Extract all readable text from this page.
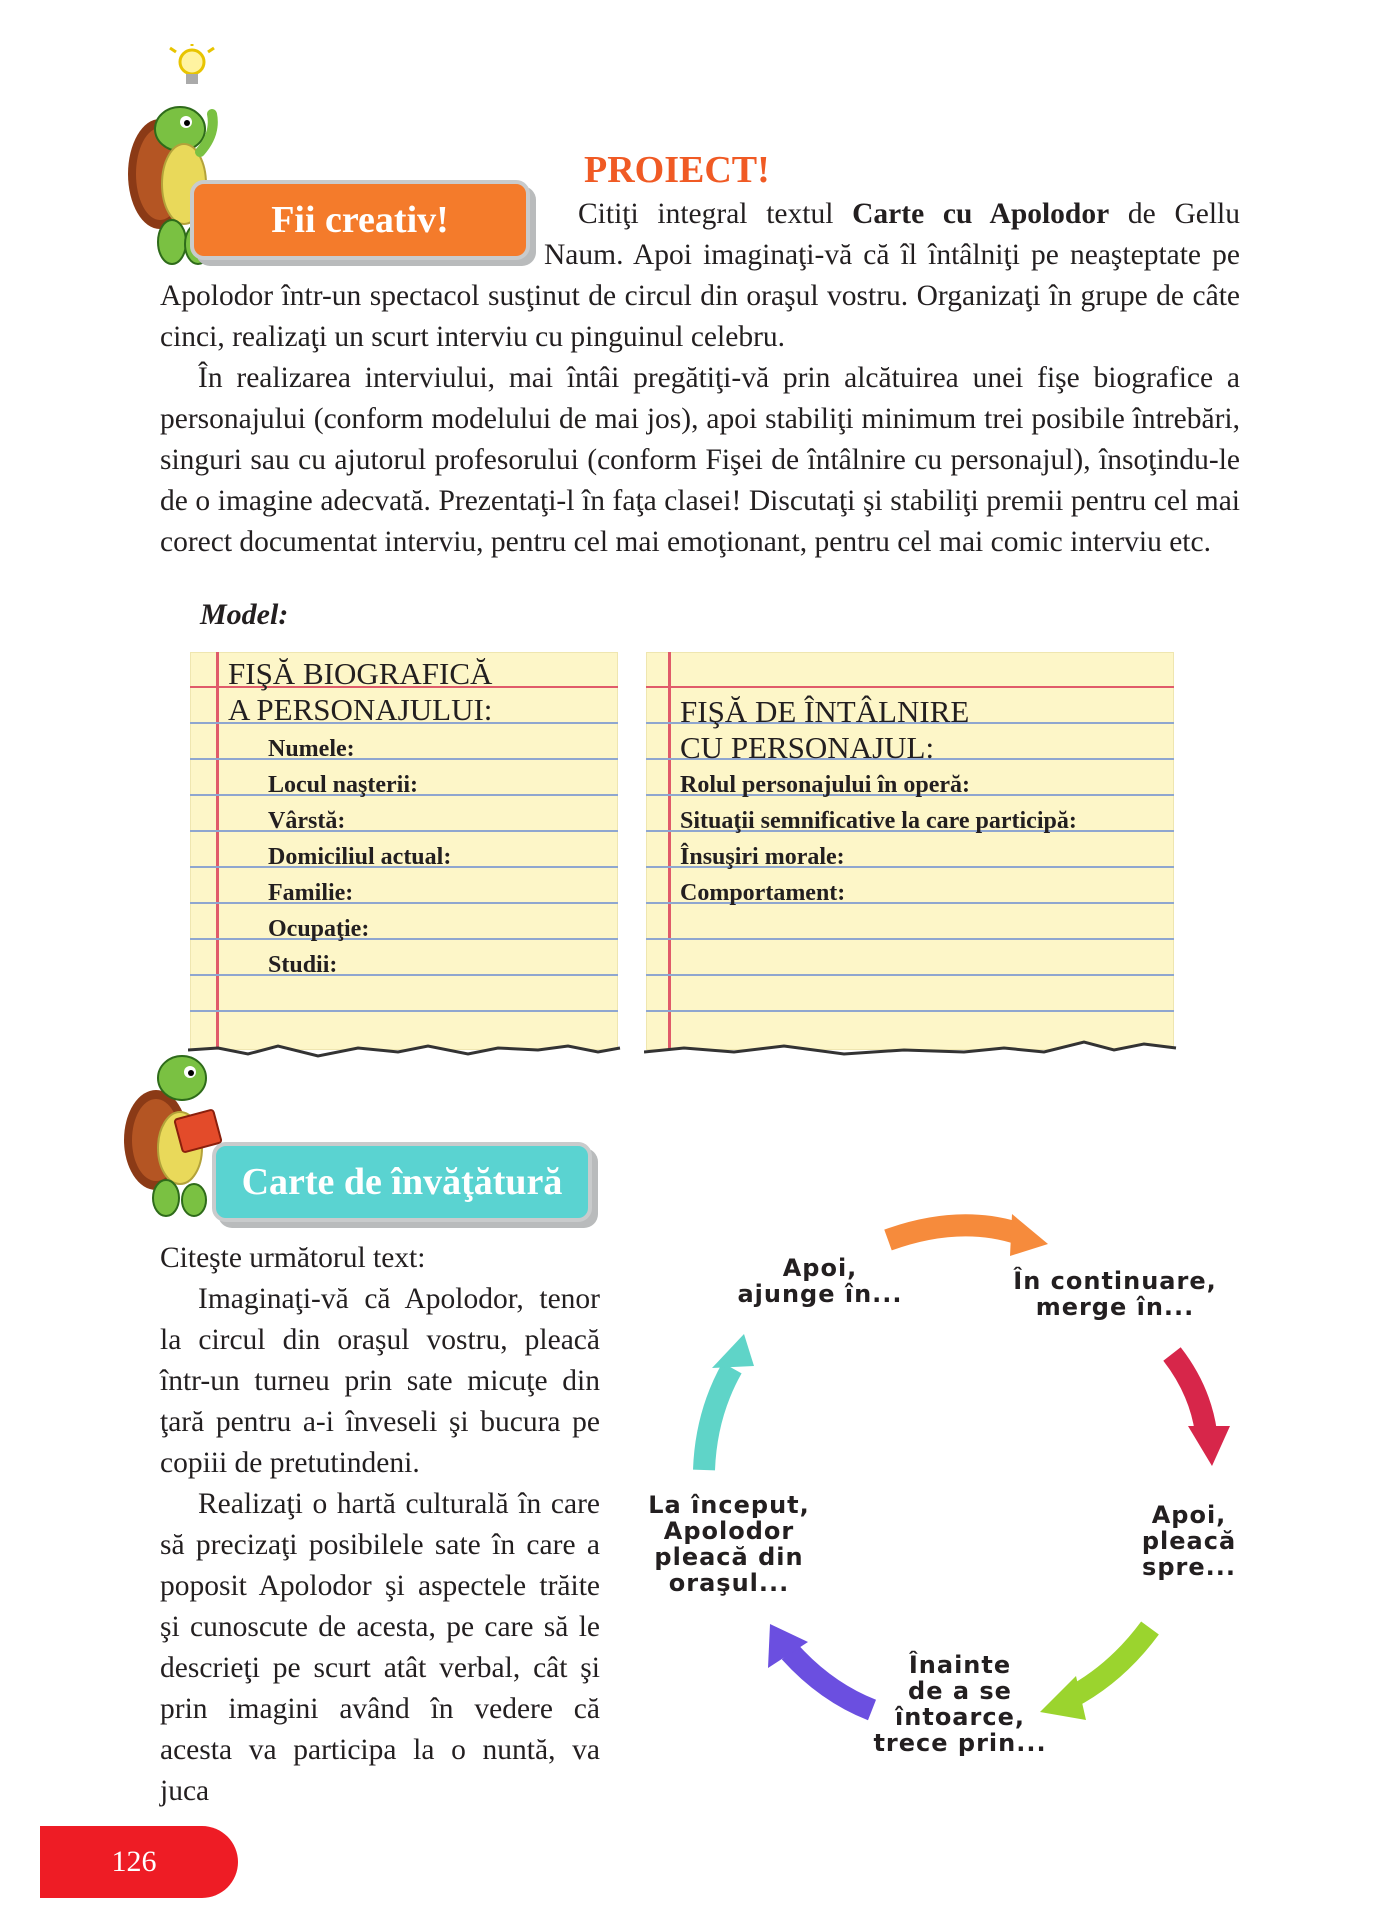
Fii creativ!
PROIECT!
Citiţi integral textul Carte cu Apolodor de Gellu Naum. Apoi imaginaţi-vă că îl întâlniţi pe neaşteptate pe Apolodor într-un spectacol susţinut de circul din oraşul vostru. Organizaţi în grupe de câte cinci, realizaţi un scurt interviu cu pinguinul celebru.
În realizarea interviului, mai întâi pregătiţi-vă prin alcătuirea unei fişe biografice a personajului (conform modelului de mai jos), apoi stabiliţi minimum trei posibile întrebări, singuri sau cu ajutorul profesorului (conform Fişei de întâlnire cu personajul), însoţindu-le de o imagine adecvată. Prezentaţi-l în faţa clasei! Discutaţi şi stabiliţi premii pentru cel mai corect documentat interviu, pentru cel mai emoţionant, pentru cel mai comic interviu etc.
Model:
FIŞĂ BIOGRAFICĂ
A PERSONAJULUI:
Numele:
Locul naşterii:
Vârstă:
Domiciliul actual:
Familie:
Ocupaţie:
Studii:
FIŞĂ DE ÎNTÂLNIRE
CU PERSONAJUL:
Rolul personajului în operă:
Situaţii semnificative la care participă:
Însuşiri morale:
Comportament:
Carte de învăţătură
Citeşte următorul text:
Imaginaţi-vă că Apolodor, tenor la circul din oraşul vostru, pleacă într-un turneu prin sate micuţe din ţară pentru a-i înveseli şi bucura pe copiii de pretutindeni.
Realizaţi o hartă culturală în care să precizaţi posibilele sate în care a poposit Apolodor şi aspectele trăite şi cunoscute de acesta, pe care să le descrieţi pe scurt atât verbal, cât şi prin imagini având în vedere că acesta va participa la o nuntă, va juca
Apoi,
ajunge în...	În continuare,
merge în...
Apoi,
pleacă
spre...
Înainte
de a se
întoarce,
trece prin...
La început,
Apolodor
pleacă din
oraşul...
126
